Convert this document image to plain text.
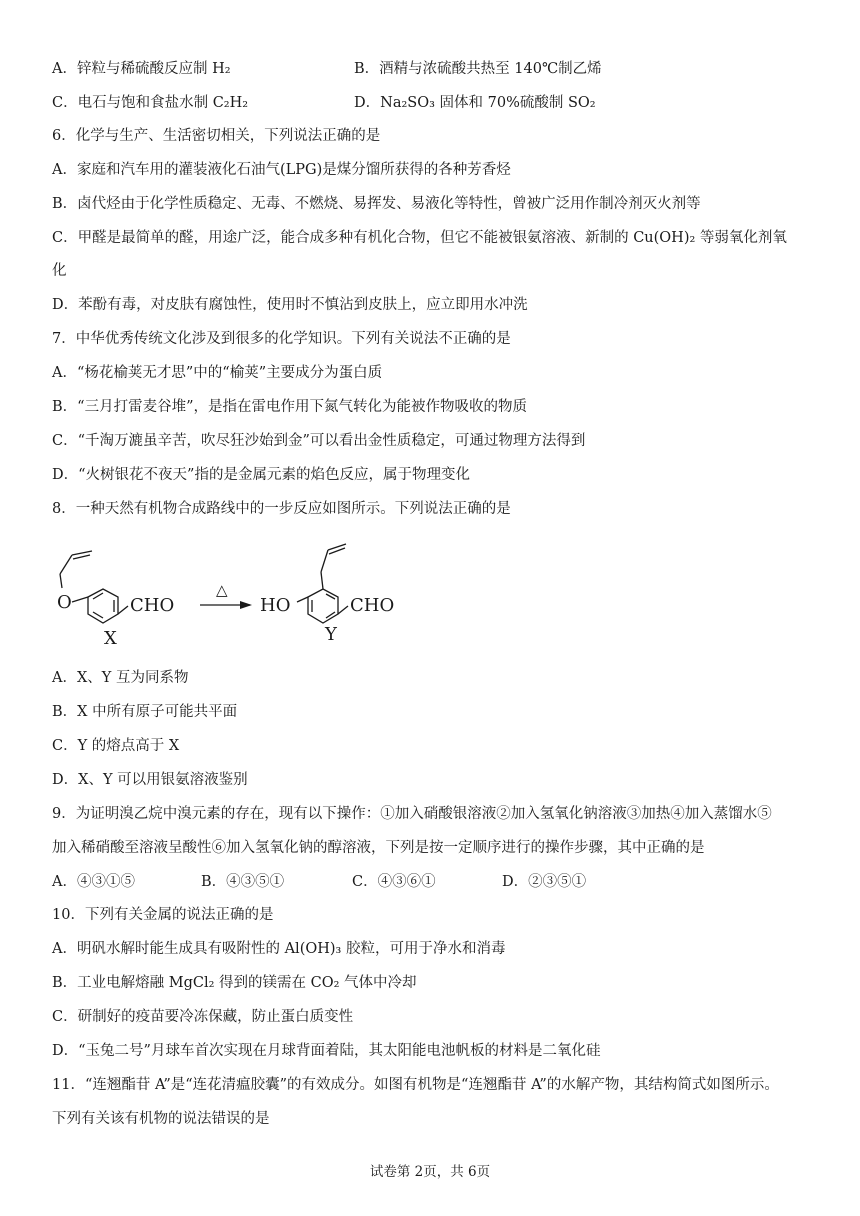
A．锌粒与稀硫酸反应制 H₂	B．酒精与浓硫酸共热至 140℃制乙烯
C．电石与饱和食盐水制 C₂H₂	D．Na₂SO₃ 固体和 70%硫酸制 SO₂
6．化学与生产、生活密切相关，下列说法正确的是
A．家庭和汽车用的灌装液化石油气(LPG)是煤分馏所获得的各种芳香烃
B．卤代烃由于化学性质稳定、无毒、不燃烧、易挥发、易液化等特性，曾被广泛用作制冷剂灭火剂等
C．甲醛是最简单的醛，用途广泛，能合成多种有机化合物，但它不能被银氨溶液、新制的 Cu(OH)₂ 等弱氧化剂氧
化
D．苯酚有毒，对皮肤有腐蚀性，使用时不慎沾到皮肤上，应立即用水冲洗
7．中华优秀传统文化涉及到很多的化学知识。下列有关说法不正确的是
A．“杨花榆荚无才思”中的“榆荚”主要成分为蛋白质
B．“三月打雷麦谷堆”，是指在雷电作用下氮气转化为能被作物吸收的物质
C．“千淘万漉虽辛苦，吹尽狂沙始到金”可以看出金性质稳定，可通过物理方法得到
D．“火树银花不夜天”指的是金属元素的焰色反应，属于物理变化
8．一种天然有机物合成路线中的一步反应如图所示。下列说法正确的是
O	CHO
X
△
HO	CHO
Y
A．X、Y 互为同系物
B．X 中所有原子可能共平面
C．Y 的熔点高于 X
D．X、Y 可以用银氨溶液鉴别
9．为证明溴乙烷中溴元素的存在，现有以下操作：①加入硝酸银溶液②加入氢氧化钠溶液③加热④加入蒸馏水⑤
加入稀硝酸至溶液呈酸性⑥加入氢氧化钠的醇溶液，下列是按一定顺序进行的操作步骤，其中正确的是
A．④③①⑤	B．④③⑤①	C．④③⑥①	D．②③⑤①
10．下列有关金属的说法正确的是
A．明矾水解时能生成具有吸附性的 Al(OH)₃ 胶粒，可用于净水和消毒
B．工业电解熔融 MgCl₂ 得到的镁需在 CO₂ 气体中冷却
C．研制好的疫苗要冷冻保藏，防止蛋白质变性
D．“玉兔二号”月球车首次实现在月球背面着陆，其太阳能电池帆板的材料是二氧化硅
11．“连翘酯苷 A”是“连花清瘟胶囊”的有效成分。如图有机物是“连翘酯苷 A”的水解产物，其结构简式如图所示。
下列有关该有机物的说法错误的是
试卷第 2页，共 6页
